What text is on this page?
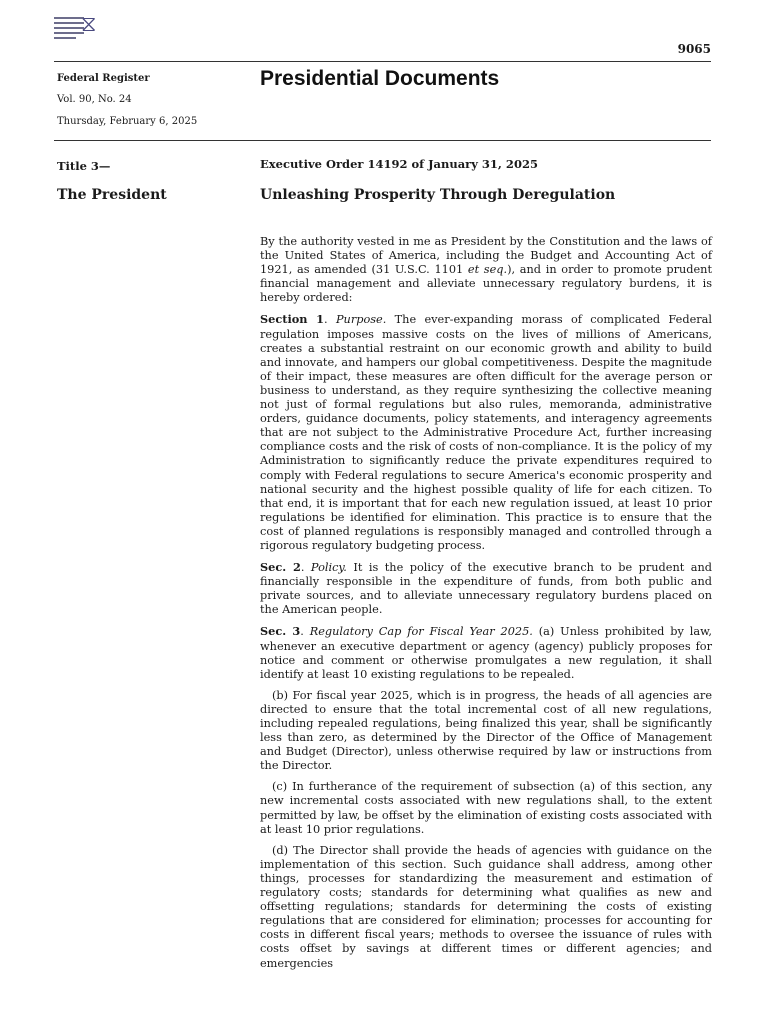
⧖
9065
Federal Register
Vol. 90, No. 24
Thursday, February 6, 2025
Presidential Documents
Title 3—
The President
Executive Order 14192 of January 31, 2025
Unleashing Prosperity Through Deregulation

By the authority vested in me as President by the Constitution and the laws of the United States of America, including the Budget and Accounting Act of 1921, as amended (31 U.S.C. 1101 et seq.), and in order to promote prudent financial management and alleviate unnecessary regulatory burdens, it is hereby ordered:

Section 1. Purpose. The ever-expanding morass of complicated Federal regulation imposes massive costs on the lives of millions of Americans, creates a substantial restraint on our economic growth and ability to build and innovate, and hampers our global competitiveness. Despite the magnitude of their impact, these measures are often difficult for the average person or business to understand, as they require synthesizing the collective meaning not just of formal regulations but also rules, memoranda, administrative orders, guidance documents, policy statements, and interagency agreements that are not subject to the Administrative Procedure Act, further increasing compliance costs and the risk of costs of non-compliance. It is the policy of my Administration to significantly reduce the private expenditures required to comply with Federal regulations to secure America's economic prosperity and national security and the highest possible quality of life for each citizen. To that end, it is important that for each new regulation issued, at least 10 prior regulations be identified for elimination. This practice is to ensure that the cost of planned regulations is responsibly managed and controlled through a rigorous regulatory budgeting process.

Sec. 2. Policy. It is the policy of the executive branch to be prudent and financially responsible in the expenditure of funds, from both public and private sources, and to alleviate unnecessary regulatory burdens placed on the American people.

Sec. 3. Regulatory Cap for Fiscal Year 2025. (a) Unless prohibited by law, whenever an executive department or agency (agency) publicly proposes for notice and comment or otherwise promulgates a new regulation, it shall identify at least 10 existing regulations to be repealed.

(b) For fiscal year 2025, which is in progress, the heads of all agencies are directed to ensure that the total incremental cost of all new regulations, including repealed regulations, being finalized this year, shall be significantly less than zero, as determined by the Director of the Office of Management and Budget (Director), unless otherwise required by law or instructions from the Director.

(c) In furtherance of the requirement of subsection (a) of this section, any new incremental costs associated with new regulations shall, to the extent permitted by law, be offset by the elimination of existing costs associated with at least 10 prior regulations.

(d) The Director shall provide the heads of agencies with guidance on the implementation of this section. Such guidance shall address, among other things, processes for standardizing the measurement and estimation of regulatory costs; standards for determining what qualifies as new and offsetting regulations; standards for determining the costs of existing regulations that are considered for elimination; processes for accounting for costs in different fiscal years; methods to oversee the issuance of rules with costs offset by savings at different times or different agencies; and emergencies
